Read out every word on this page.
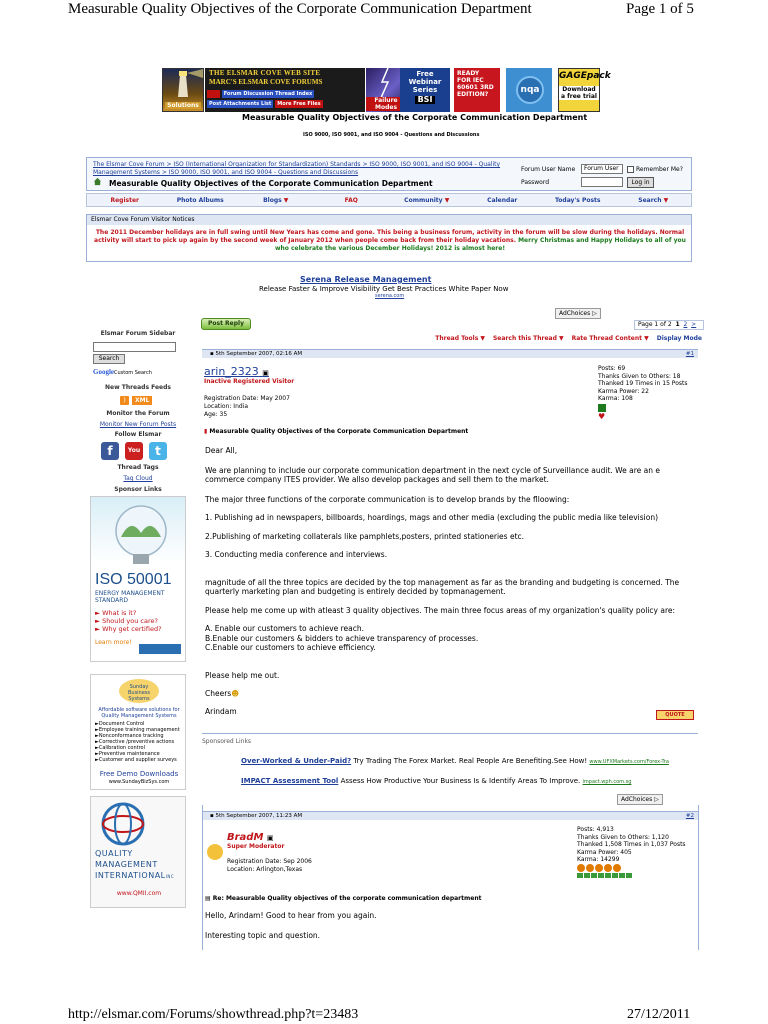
Measurable Quality Objectives of the Corporate Communication Department	Page 1 of 5
Solutions
THE ELSMAR COVE WEB SITE
MARC'S ELSMAR COVE FORUMS

Forum Discussion Thread Index
Post Attachments List	More Free Files	Failure Modes
Free
Webinar
Series
BSI
READY
FOR IEC
60601 3RD
EDITION?	nqa
GAGEpack
Download
a free trial
Measurable Quality Objectives of the Corporate Communication Department
ISO 9000, ISO 9001, and ISO 9004 - Questions and Discussions
The Elsmar Cove Forum > ISO (International Organization for Standardization) Standards > ISO 9000, ISO 9001, and ISO 9004 - Quality Management Systems > ISO 9000, ISO 9001, and ISO 9004 - Questions and Discussions
Measurable Quality Objectives of the Corporate Communication Department
Forum User Name	Forum User	Remember Me?
Password	Log in
Register	Photo Albums	Blogs ▼	FAQ	Community ▼	Calendar	Today's Posts	Search ▼
Elsmar Cove Forum Visitor Notices
The 2011 December holidays are in full swing until New Years has come and gone. This being a business forum, activity in the forum will be slow during the holidays. Normal activity will start to pick up again by the second week of January 2012 when people come back from their holiday vacations. Merry Christmas and Happy Holidays to all of you who celebrate the various December Holidays! 2012 is almost here!
Serena Release Management
Release Faster & Improve Visibility Get Best Practices White Paper Now
serena.com
AdChoices ▷
Post Reply	Page 1 of 2 1 2 >
Thread Tools ▼ Search this Thread ▼ Rate Thread Content ▼ Display Mode
Elsmar Forum Sidebar
Search
GoogleCustom Search
New Threads Feeds
)	XML
Monitor the Forum
Monitor New Forum Posts
Follow Elsmar
f	You	t
Thread Tags
Tag Cloud
Sponsor Links
ISO 50001
ENERGY MANAGEMENT
STANDARD
► What is it?
► Should you care?
► Why get certified?
Learn more!
Sunday Business Systems
Affordable software solutions for
Quality Management Systems
►Document Control
►Employee training management
►Nonconformance tracking
►Corrective /preventive actions
►Calibration control
►Preventive maintenance
►Customer and supplier surveys
Free Demo Downloads
www.SundayBizSys.com
QUALITY
MANAGEMENT
INTERNATIONALINC
www.QMII.com
▪ 5th September 2007, 02:16 AM	#1
arin_2323 ▣
Inactive Registered Visitor
Registration Date: May 2007
Location: India
Age: 35
Posts: 69
Thanks Given to Others: 18
Thanked 19 Times in 15 Posts
Karma Power: 22
Karma: 108
♥
▮ Measurable Quality Objectives of the Corporate Communication Department
Dear All,
We are planning to include our corporate communication department in the next cycle of Surveillance audit. We are an e commerce company ITES provider. We allso develop packages and sell them to the market.
The major three functions of the corporate communication is to develop brands by the flloowing:
1. Publishing ad in newspapers, billboards, hoardings, mags and other media (excluding the public media like television)
2.Publishing of marketing collaterals like pamphlets,posters, printed stationeries etc.
3. Conducting media conference and interviews.
magnitude of all the three topics are decided by the top management as far as the branding and budgeting is concerned. The quarterly marketing plan and budgeting is entirely decided by topmanagement.
Please help me come up with atleast 3 quality objectives. The main three focus areas of my organization's quality policy are:
A. Enable our customers to achieve reach.
B.Enable our customers & bidders to achieve transparency of processes.
C.Enable our customers to achieve efficiency.
Please help me out.
Cheers☻
Arindam	QUOTE
Sponsored Links
Over-Worked & Under-Paid? Try Trading The Forex Market. Real People Are Benefiting.See How! www.UFXMarkets.com/Forex-Tra
IMPACT Assessment Tool Assess How Productive Your Business Is & Identify Areas To Improve. impact.wph.com.sg
AdChoices ▷
▪ 5th September 2007, 11:23 AM	#2
BradM ▣
Super Moderator
Registration Date: Sep 2006
Location: Arlington,Texas
Posts: 4,913
Thanks Given to Others: 1,120
Thanked 1,508 Times in 1,037 Posts
Karma Power: 405
Karma: 14299
▤ Re: Measurable Quality objectives of the corporate communication department
Hello, Arindam! Good to hear from you again.
Interesting topic and question.
http://elsmar.com/Forums/showthread.php?t=23483	27/12/2011
